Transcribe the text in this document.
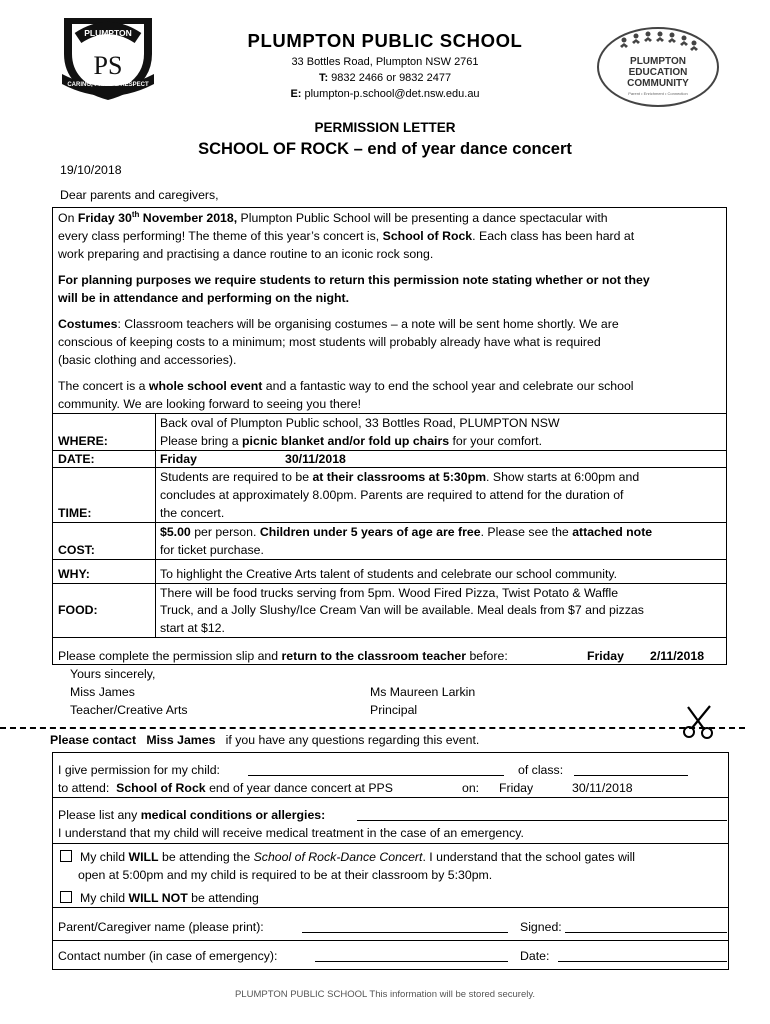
PLUMPTON
PS
CARING, PRIDE & RESPECT
PLUMPTON PUBLIC SCHOOL
33 Bottles Road, Plumpton NSW 2761
T: 9832 2466 or 9832 2477
E: plumpton-p.school@det.nsw.edu.au
PLUMPTON
EDUCATION
COMMUNITY
Parent • Enrichment • Connection
PERMISSION LETTER
SCHOOL OF ROCK – end of year dance concert
19/10/2018
Dear parents and caregivers,
On Friday 30th November 2018, Plumpton Public School will be presenting a dance spectacular with
every class performing! The theme of this year’s concert is, School of Rock. Each class has been hard at
work preparing and practising a dance routine to an iconic rock song.
For planning purposes we require students to return this permission note stating whether or not they
will be in attendance and performing on the night.
Costumes: Classroom teachers will be organising costumes – a note will be sent home shortly. We are
conscious of keeping costs to a minimum; most students will probably already have what is required
(basic clothing and accessories).
The concert is a whole school event and a fantastic way to end the school year and celebrate our school
community. We are looking forward to seeing you there!
WHERE:
Back oval of Plumpton Public school, 33 Bottles Road, PLUMPTON NSW
Please bring a picnic blanket and/or fold up chairs for your comfort.
DATE:	Friday	30/11/2018
TIME:
Students are required to be at their classrooms at 5:30pm. Show starts at 6:00pm and
concludes at approximately 8.00pm. Parents are required to attend for the duration of
the concert.
COST:
$5.00 per person. Children under 5 years of age are free. Please see the attached note
for ticket purchase.
WHY:	To highlight the Creative Arts talent of students and celebrate our school community.
FOOD:
There will be food trucks serving from 5pm. Wood Fired Pizza, Twist Potato & Waffle
Truck, and a Jolly Slushy/Ice Cream Van will be available. Meal deals from $7 and pizzas
start at $12.
Please complete the permission slip and return to the classroom teacher before:	Friday 2/11/2018
Yours sincerely,
Miss James
Teacher/Creative Arts
Ms Maureen Larkin
Principal
Please contact Miss James if you have any questions regarding this event.
I give permission for my child:	of class:
to attend: School of Rock end of year dance concert at PPS	on: Friday	30/11/2018
Please list any medical conditions or allergies:
I understand that my child will receive medical treatment in the case of an emergency.
My child WILL be attending the School of Rock-Dance Concert. I understand that the school gates will
open at 5:00pm and my child is required to be at their classroom by 5:30pm.
My child WILL NOT be attending
Parent/Caregiver name (please print):	Signed:
Contact number (in case of emergency):	Date:
PLUMPTON PUBLIC SCHOOL This information will be stored securely.
